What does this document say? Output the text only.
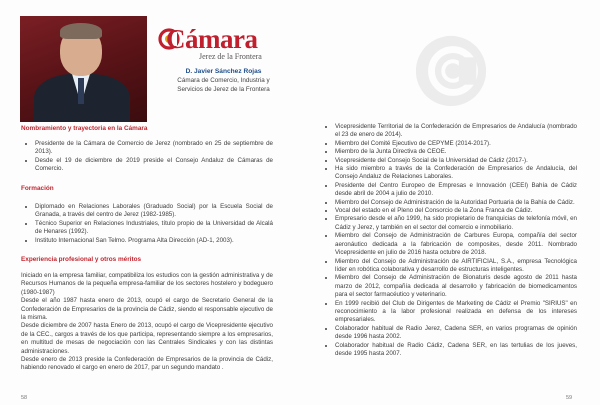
Cámara
Jerez de la Frontera
D. Javier Sánchez Rojas
Cámara de Comercio, Industria y
Servicios de Jerez de la Frontera
Nombramiento y trayectoria en la Cámara
• Presidente de la Cámara de Comercio de Jerez (nombrado en 25 de septiembre de 2013).
• Desde el 19 de diciembre de 2019 preside el Consejo Andaluz de Cámaras de Comercio.
Formación
• Diplomado en Relaciones Laborales (Graduado Social) por la Escuela Social de Granada, a través del centro de Jerez (1982-1985).
• Técnico Superior en Relaciones Industriales, título propio de la Universidad de Alcalá de Henares (1992).
• Instituto Internacional San Telmo. Programa Alta Dirección (AD-1, 2003).
Experiencia profesional y otros méritos

Iniciado en la empresa familiar, compatibiliza los estudios con la gestión administrativa y de Recursos Humanos de la pequeña empresa-familiar de los sectores hostelero y bodeguero (1980-1987)

Desde el año 1987 hasta enero de 2013, ocupó el cargo de Secretario General de la Confederación de Empresarios de la provincia de Cádiz, siendo el responsable ejecutivo de la misma.

Desde diciembre de 2007 hasta Enero de 2013, ocupó el cargo de Vicepresidente ejecutivo de la CEC., cargos a través de los que participa, representando siempre a los empresarios, en multitud de mesas de negociación con las Centrales Sindicales y con las distintas administraciones.

Desde enero de 2013 preside la Confederación de Empresarios de la provincia de Cádiz, habiendo renovado el cargo en enero de 2017, par un segundo mandato .

• Vicepresidente Territorial de la Confederación de Empresarios de Andalucía (nombrado el 23 de enero de 2014).
• Miembro del Comité Ejecutivo de CEPYME (2014-2017).
• Miembro de la Junta Directiva de CEOE.
• Vicepresidente del Consejo Social de la Universidad de Cádiz (2017-).
• Ha sido miembro a través de la Confederación de Empresarios de Andalucía, del Consejo Andaluz de Relaciones Laborales.
• Presidente del Centro Europeo de Empresas e Innovación (CEEI) Bahía de Cádiz desde abril de 2004 a julio de 2010.
• Miembro del Consejo de Administración de la Autoridad Portuaria de la Bahía de Cádiz.
• Vocal del estado en el Pleno del Consorcio de la Zona Franca de Cádiz.
• Empresario desde el año 1999, ha sido propietario de franquicias de telefonía móvil, en Cádiz y Jerez, y también en el sector del comercio e inmobiliario.
• Miembro del Consejo de Administración de Carbures Europa, compañía del sector aeronáutico dedicada a la fabricación de composites, desde 2011. Nombrado Vicepresidente en julio de 2016 hasta octubre de 2018.
• Miembro del Consejo de Administración de AIRTIFICIAL, S.A., empresa Tecnológica líder en robótica colaborativa y desarrollo de estructuras inteligentes.
• Miembro del Consejo de Administración de Bionaturis desde agosto de 2011 hasta marzo de 2012, compañía dedicada al desarrollo y fabricación de biomedicamentos para el sector farmacéutico y veterinario.
• En 1999 recibió del Club de Dirigentes de Marketing de Cádiz el Premio "SIRIUS" en reconocimiento a la labor profesional realizada en defensa de los intereses empresariales.
• Colaborador habitual de Radio Jerez, Cadena SER, en varios programas de opinión desde 1996 hasta 2002.
• Colaborador habitual de Radio Cádiz, Cadena SER, en las tertulias de los jueves, desde 1995 hasta 2007.
58	59
